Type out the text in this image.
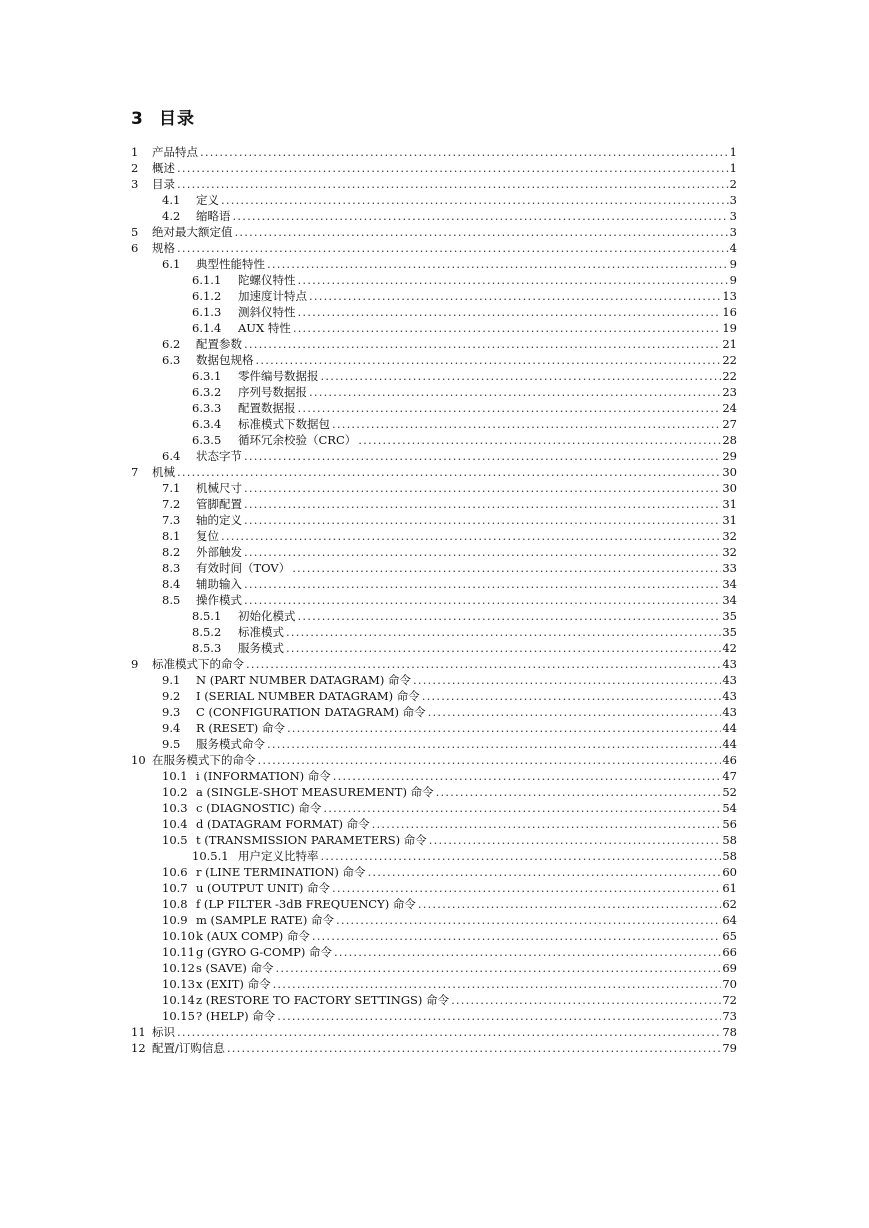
3 目录
1	产品特点 .....	1
2	概述 .....	1
3	目录 .....	2
4.1	定义 .....	3
4.2	缩略语 .....	3
5	绝对最大额定值 .....	3
6	规格 .....	4
6.1	典型性能特性 .....	9
6.1.1	陀螺仪特性 .....	9
6.1.2	加速度计特点 .....	13
6.1.3	测斜仪特性 .....	16
6.1.4	AUX 特性 .....	19
6.2	配置参数 .....	21
6.3	数据包规格 .....	22
6.3.1	零件编号数据报 .....	22
6.3.2	序列号数据报 .....	23
6.3.3	配置数据报 .....	24
6.3.4	标准模式下数据包 .....	27
6.3.5	循环冗余校验（CRC） .....	28
6.4	状态字节 .....	29
7	机械 .....	30
7.1	机械尺寸 .....	30
7.2	管脚配置 .....	31
7.3	轴的定义 .....	31
8.1	复位 .....	32
8.2	外部触发 .....	32
8.3	有效时间（TOV） .....	33
8.4	辅助输入 .....	34
8.5	操作模式 .....	34
8.5.1	初始化模式 .....	35
8.5.2	标准模式 .....	35
8.5.3	服务模式 .....	42
9	标准模式下的命令 .....	43
9.1	N (PART NUMBER DATAGRAM) 命令 .....	43
9.2	I (SERIAL NUMBER DATAGRAM) 命令 .....	43
9.3	C (CONFIGURATION DATAGRAM) 命令 .....	43
9.4	R (RESET) 命令 .....	44
9.5	服务模式命令 .....	44
10 在服务模式下的命令 .....	46
10.1 i (INFORMATION) 命令 .....	47
10.2 a (SINGLE-SHOT MEASUREMENT) 命令 .....	52
10.3 c (DIAGNOSTIC) 命令 .....	54
10.4 d (DATAGRAM FORMAT) 命令 .....	56
10.5 t (TRANSMISSION PARAMETERS) 命令 .....	58
10.5.1 用户定义比特率 .....	58
10.6 r (LINE TERMINATION) 命令 .....	60
10.7 u (OUTPUT UNIT) 命令 .....	61
10.8 f (LP FILTER -3dB FREQUENCY) 命令 .....	62
10.9 m (SAMPLE RATE) 命令 .....	64
10.10 k (AUX COMP) 命令 .....	65
10.11 g (GYRO G-COMP) 命令 .....	66
10.12 s (SAVE) 命令 .....	69
10.13 x (EXIT) 命令 .....	70
10.14 z (RESTORE TO FACTORY SETTINGS) 命令 .....	72
10.15 ? (HELP) 命令 .....	73
11 标识 .....	78
12 配置/订购信息 .....	79
